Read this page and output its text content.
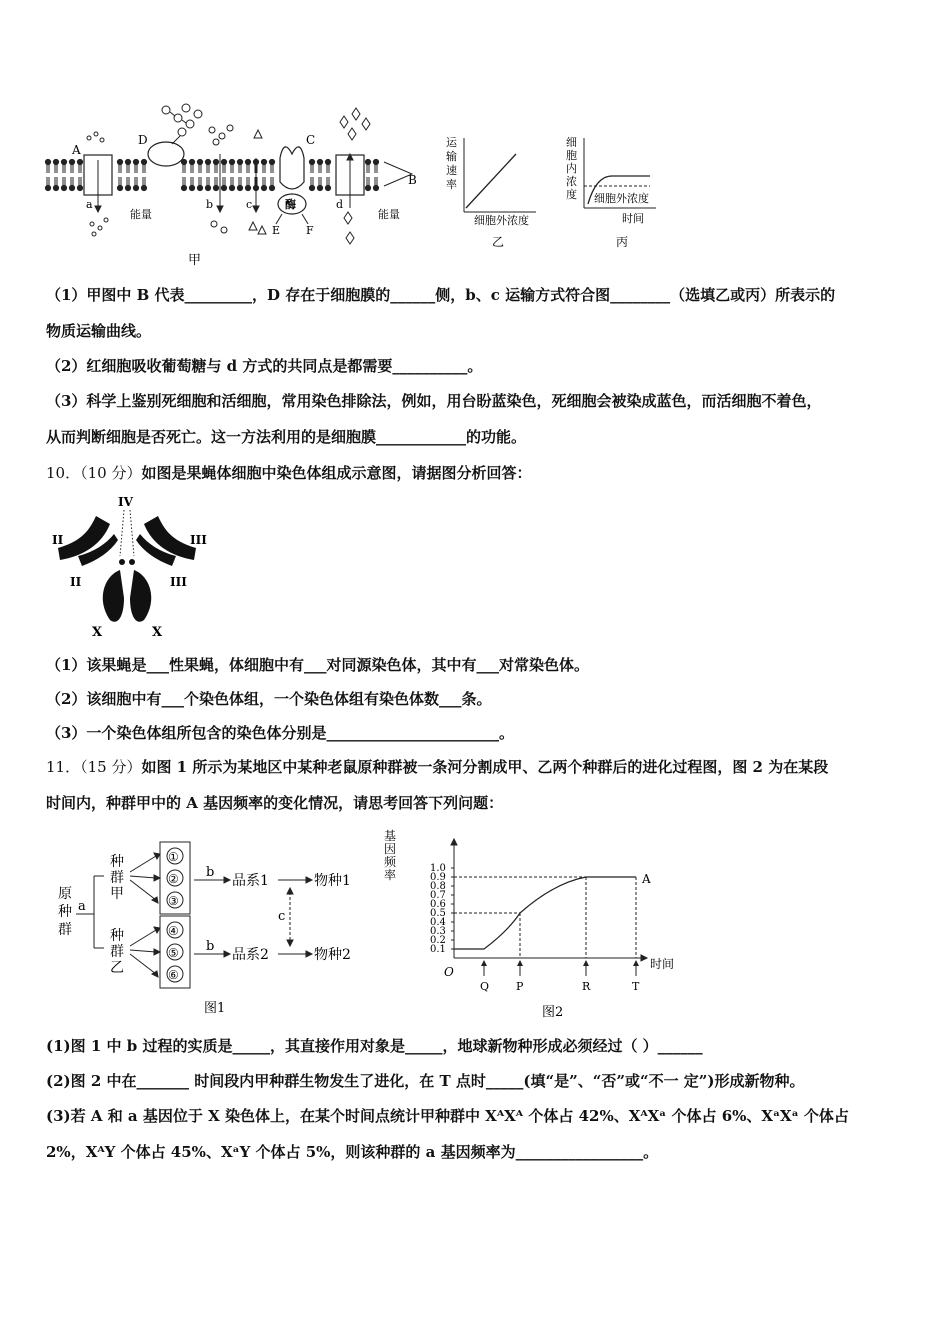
A
B
C
D
a	b	c	d
E F
酶
能量	能量
甲
运
输
速
率
细胞外浓度
乙
细
胞
内
浓
度 细胞外浓度
时间
丙
（1）甲图中 B 代表_________，D 存在于细胞膜的______侧，b、c 运输方式符合图________（选填乙或丙）所表示的
物质运输曲线。
（2）红细胞吸收葡萄糖与 d 方式的共同点是都需要__________。
（3）科学上鉴别死细胞和活细胞，常用染色排除法，例如，用台盼蓝染色，死细胞会被染成蓝色，而活细胞不着色，
从而判断细胞是否死亡。这一方法利用的是细胞膜____________的功能。
10．（10 分）如图是果蝇体细胞中染色体组成示意图，请据图分析回答：
IV
II	III
II	III
X	X
（1）该果蝇是___性果蝇，体细胞中有___对同源染色体，其中有___对常染色体。
（2）该细胞中有___个染色体组，一个染色体组有染色体数___条。
（3）一个染色体组所包含的染色体分别是_______________________。
11．（15 分）如图 1 所示为某地区中某种老鼠原种群被一条河分割成甲、乙两个种群后的进化过程图，图 2 为在某段
时间内，种群甲中的 A 基因频率的变化情况，请思考回答下列问题：
原
种
群
a
种
群
甲
种
群
乙
①
②
③
④
⑤
⑥
b
b
品系1
品系2
物种1
物种2
c
图1
基
因
频
率	1.0
0.9
0.8
0.7
0.6
0.5
0.4
0.3
0.2
0.1
Q P	R	T
O
时间
A
图2
(1)图 1 中 b 过程的实质是_____，其直接作用对象是_____，地球新物种形成必须经过（ ）______
(2)图 2 中在_______ 时间段内甲种群生物发生了进化，在 T 点时_____(填“是”、“否”或“不一 定”)形成新物种。
(3)若 A 和 a 基因位于 X 染色体上，在某个时间点统计甲种群中 XᴬXᴬ 个体占 42%、XᴬXᵃ 个体占 6%、XᵃXᵃ 个体占
2%，XᴬY 个体占 45%、XᵃY 个体占 5%，则该种群的 a 基因频率为_________________。
